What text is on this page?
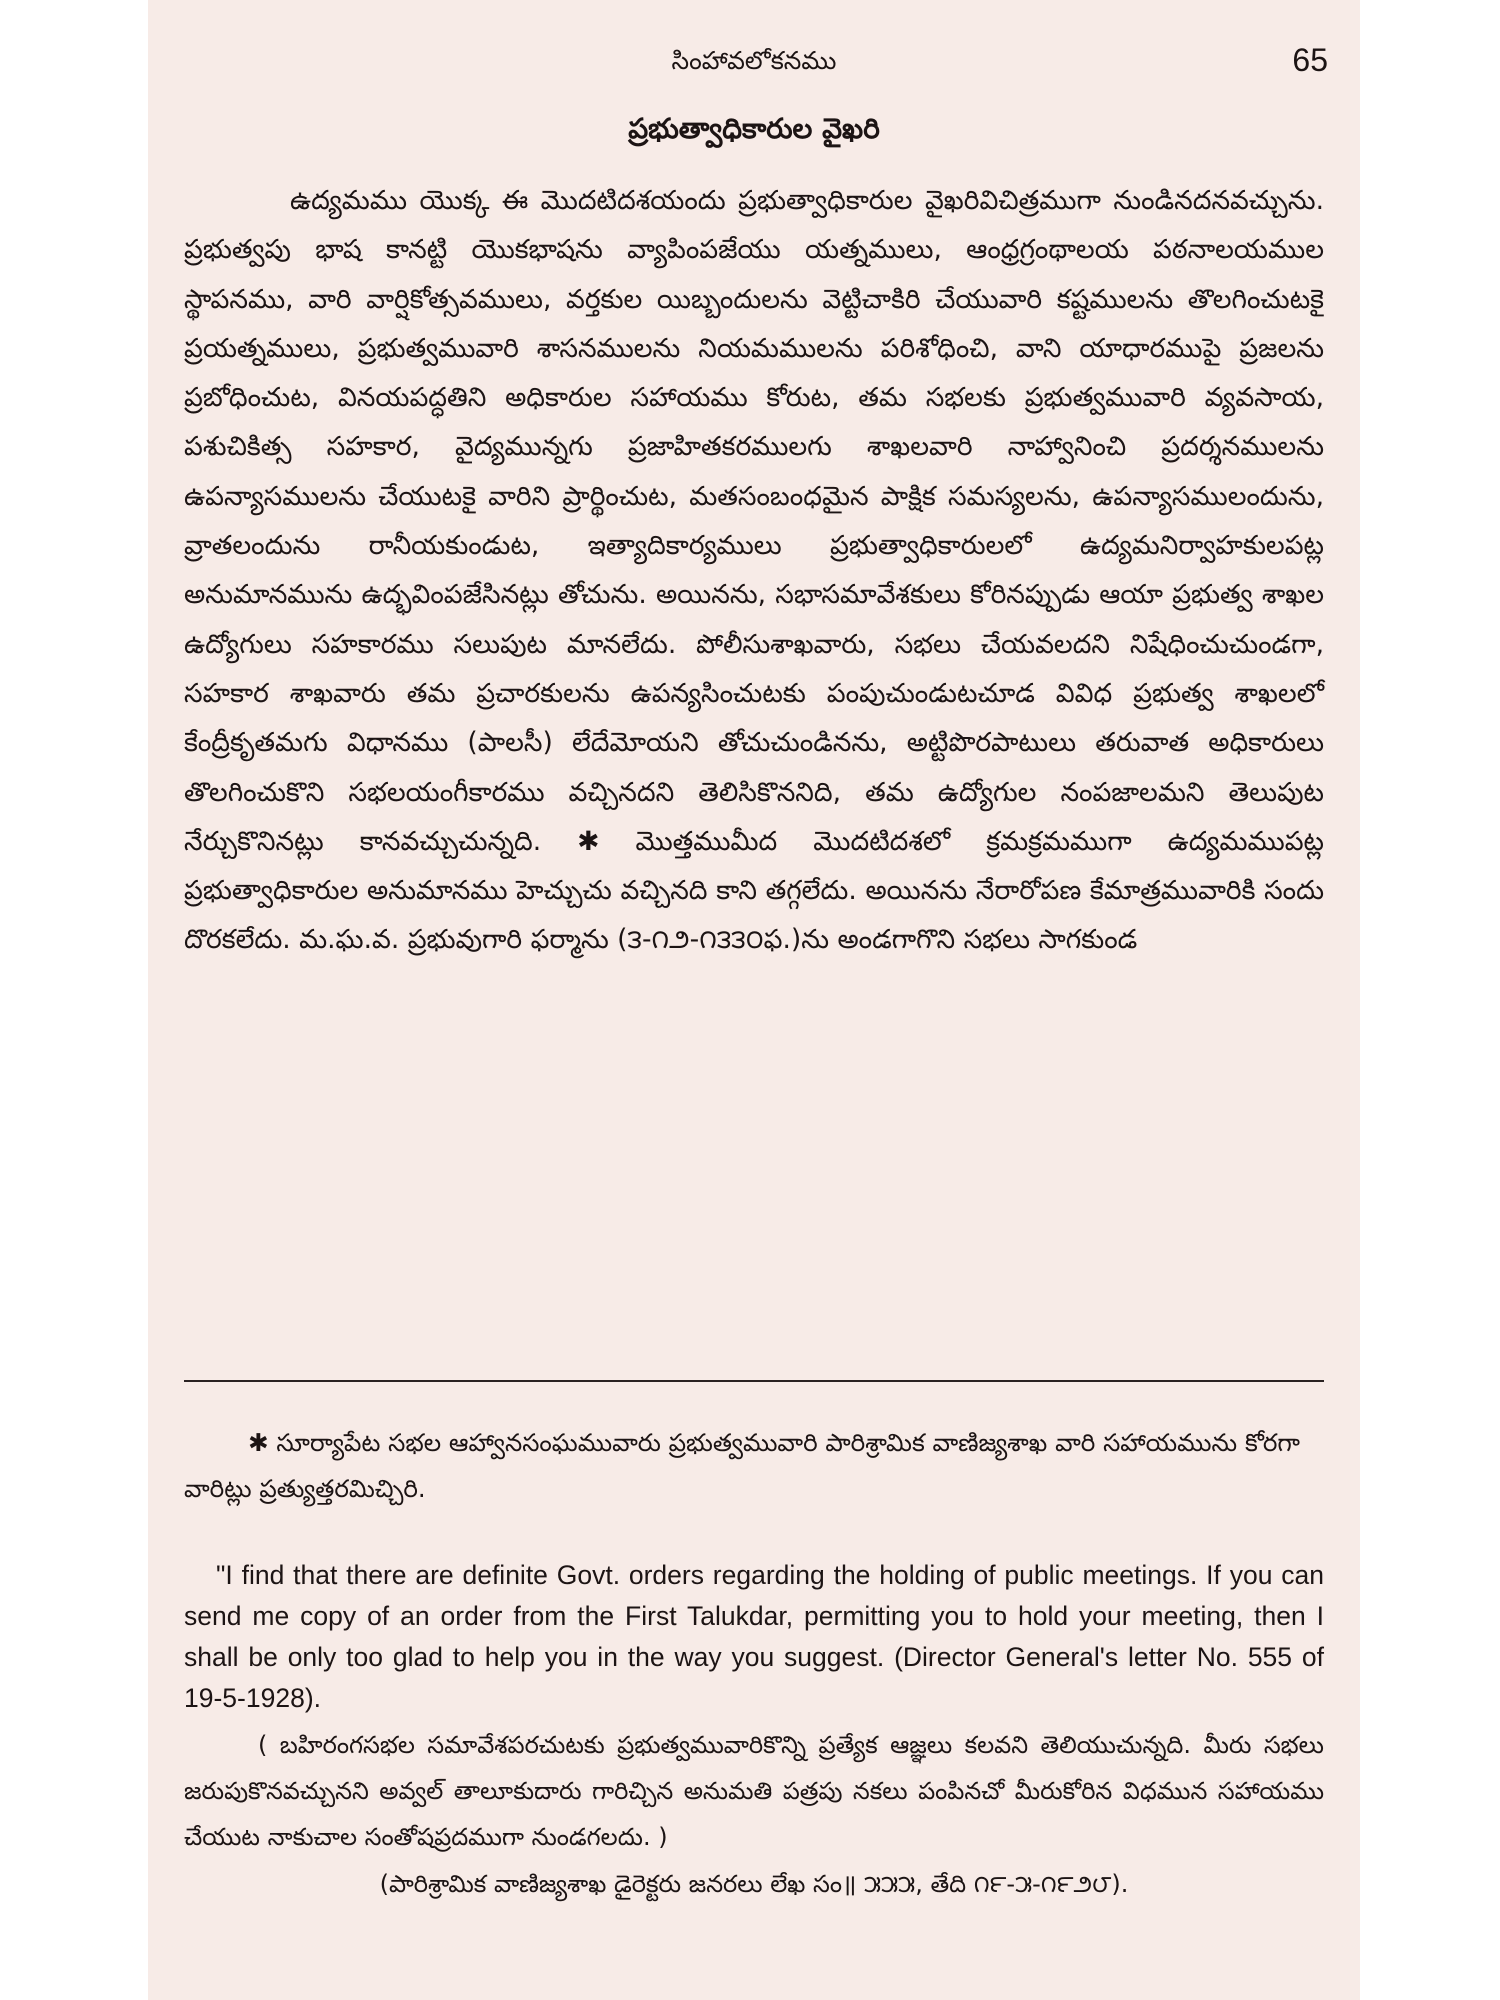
సింహావలోకనము	65
ప్రభుత్వాధికారుల వైఖరి

ఉద్యమము యొక్క ఈ మొదటిదశయందు ప్రభుత్వాధికారుల వైఖరివిచిత్రముగా నుండినదనవచ్చును. ప్రభుత్వపు భాష కానట్టి యొకభాషను వ్యాపింపజేయు యత్నములు, ఆంధ్రగ్రంథాలయ పఠనాలయముల స్థాపనము, వారి వార్షికోత్సవములు, వర్తకుల యిబ్బందులను వెట్టిచాకిరి చేయువారి కష్టములను తొలగించుటకై ప్రయత్నములు, ప్రభుత్వమువారి శాసనములను నియమములను పరిశోధించి, వాని యాధారముపై ప్రజలను ప్రబోధించుట, వినయపద్ధతిని అధికారుల సహాయము కోరుట, తమ సభలకు ప్రభుత్వమువారి వ్యవసాయ, పశుచికిత్స సహకార, వైద్యమున్నగు ప్రజాహితకరములగు శాఖలవారి నాహ్వానించి ప్రదర్శనములను ఉపన్యాసములను చేయుటకై వారిని ప్రార్థించుట, మతసంబంధమైన పాక్షిక సమస్యలను, ఉపన్యాసములందును, వ్రాతలందును రానీయకుండుట, ఇత్యాదికార్యములు ప్రభుత్వాధికారులలో ఉద్యమనిర్వాహకులపట్ల అనుమానమును ఉద్భవింపజేసినట్లు తోచును. అయినను, సభాసమావేశకులు కోరినప్పుడు ఆయా ప్రభుత్వ శాఖల ఉద్యోగులు సహకారము సలుపుట మానలేదు. పోలీసుశాఖవారు, సభలు చేయవలదని నిషేధించుచుండగా, సహకార శాఖవారు తమ ప్రచారకులను ఉపన్యసించుటకు పంపుచుండుటచూడ వివిధ ప్రభుత్వ శాఖలలో కేంద్రీకృతమగు విధానము (పాలసీ) లేదేమోయని తోచుచుండినను, అట్టిపొరపాటులు తరువాత అధికారులు తొలగించుకొని సభలయంగీకారము వచ్చినదని తెలిసికొననిది, తమ ఉద్యోగుల నంపజాలమని తెలుపుట నేర్చుకొనినట్లు కానవచ్చుచున్నది. ✱ మొత్తముమీద మొదటిదశలో క్రమక్రమముగా ఉద్యమముపట్ల ప్రభుత్వాధికారుల అనుమానము హెచ్చుచు వచ్చినది కాని తగ్గలేదు. అయినను నేరారోపణ కేమాత్రమువారికి సందు దొరకలేదు. మ.ఘ.వ. ప్రభువుగారి ఫర్మాను (౩-౧౨-౧౩౩౦ఫ.)ను అండగాగొని సభలు సాగకుండ

✱ సూర్యాపేట సభల ఆహ్వానసంఘమువారు ప్రభుత్వమువారి పారిశ్రామిక వాణిజ్యశాఖ వారి సహాయమును కోరగా వారిట్లు ప్రత్యుత్తరమిచ్చిరి.

"I find that there are definite Govt. orders regarding the holding of public meetings. If you can send me copy of an order from the First Talukdar, permitting you to hold your meeting, then I shall be only too glad to help you in the way you suggest. (Director General's letter No. 555 of 19-5-1928).

( బహిరంగసభల సమావేశపరచుటకు ప్రభుత్వమువారికొన్ని ప్రత్యేక ఆజ్ఞలు కలవని తెలియుచున్నది. మీరు సభలు జరుపుకొనవచ్చునని అవ్వల్ తాలూకుదారు గారిచ్చిన అనుమతి పత్రపు నకలు పంపినచో మీరుకోరిన విధమున సహాయము చేయుట నాకుచాల సంతోషప్రదముగా నుండగలదు. )

(పారిశ్రామిక వాణిజ్యశాఖ డైరెక్టరు జనరలు లేఖ సం॥ ౫౫౫, తేది ౧౯-౫-౧౯౨౮).
